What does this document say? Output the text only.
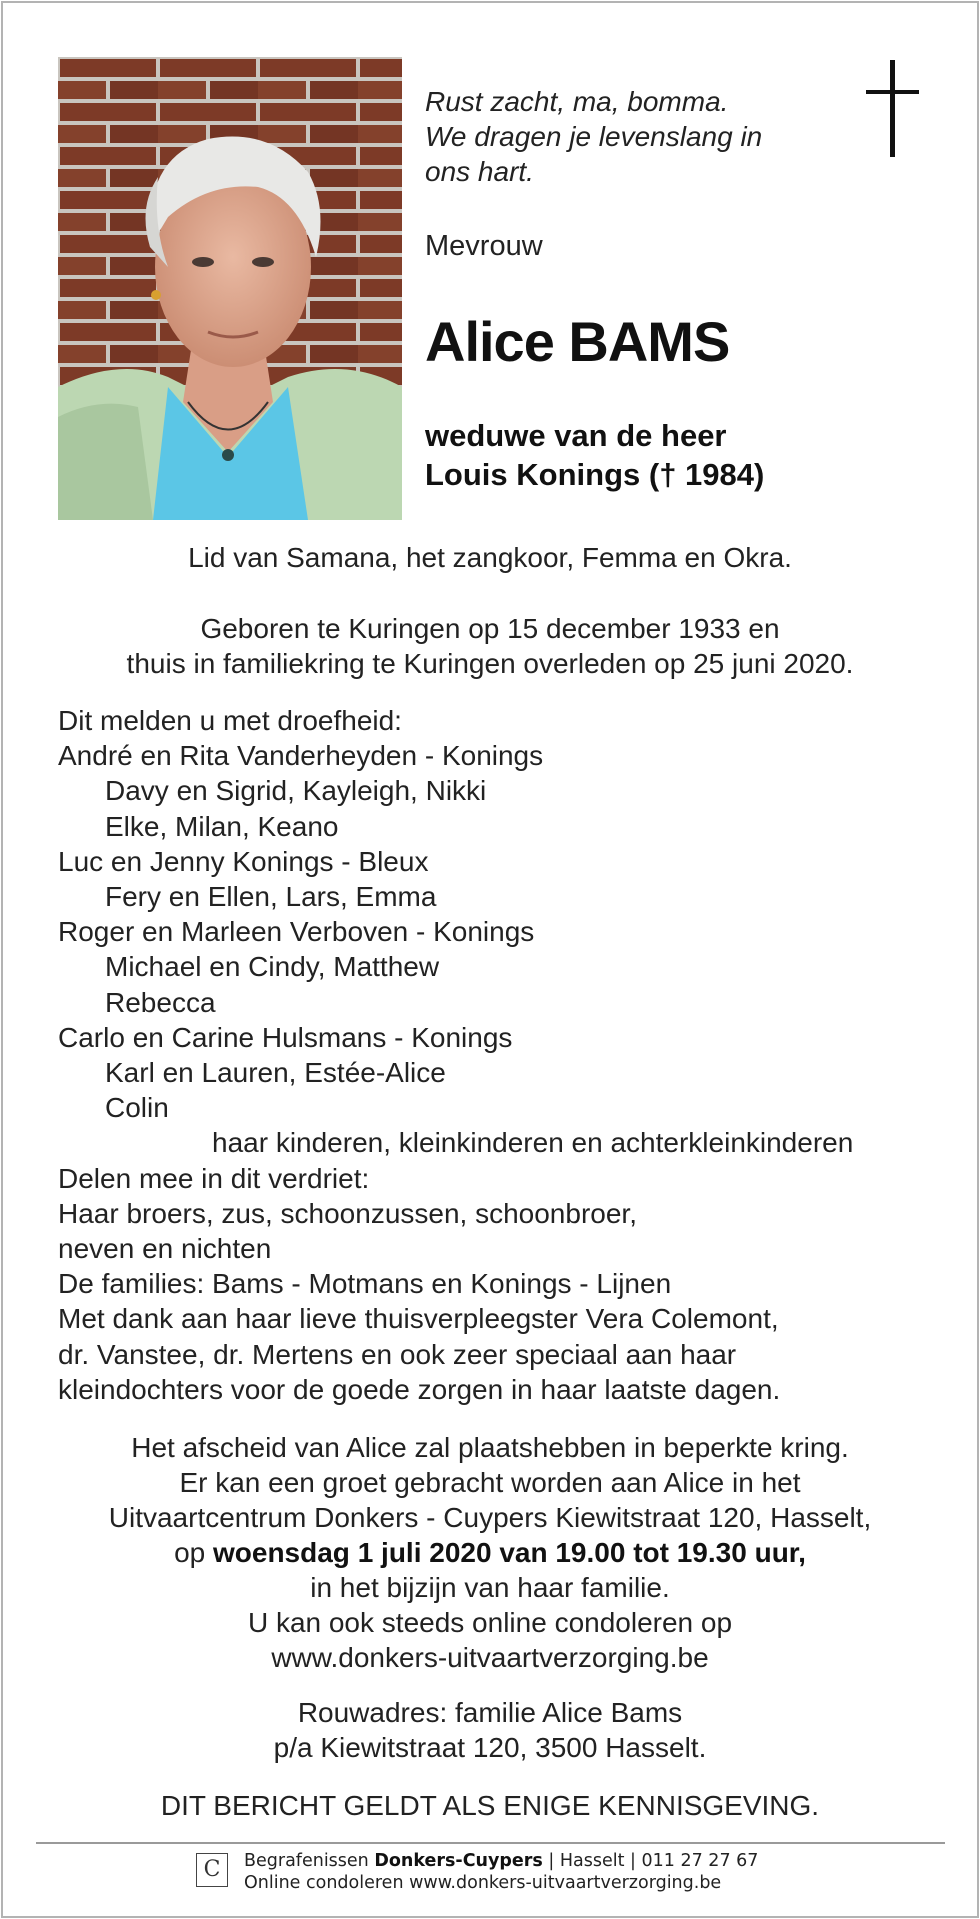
Rust zacht, ma, bomma.
We dragen je levenslang in
ons hart.
Mevrouw
Alice BAMS
weduwe van de heer
Louis Konings († 1984)
Lid van Samana, het zangkoor, Femma en Okra.
Geboren te Kuringen op 15 december 1933 en
thuis in familiekring te Kuringen overleden op 25 juni 2020.
Dit melden u met droefheid:
André en Rita Vanderheyden - Konings
Davy en Sigrid, Kayleigh, Nikki
Elke, Milan, Keano
Luc en Jenny Konings - Bleux
Fery en Ellen, Lars, Emma
Roger en Marleen Verboven - Konings
Michael en Cindy, Matthew
Rebecca
Carlo en Carine Hulsmans - Konings
Karl en Lauren, Estée-Alice
Colin
haar kinderen, kleinkinderen en achterkleinkinderen
Delen mee in dit verdriet:
Haar broers, zus, schoonzussen, schoonbroer,
neven en nichten
De families: Bams - Motmans en Konings - Lijnen
Met dank aan haar lieve thuisverpleegster Vera Colemont,
dr. Vanstee, dr. Mertens en ook zeer speciaal aan haar
kleindochters voor de goede zorgen in haar laatste dagen.
Het afscheid van Alice zal plaatshebben in beperkte kring.
Er kan een groet gebracht worden aan Alice in het
Uitvaartcentrum Donkers - Cuypers Kiewitstraat 120, Hasselt,
op woensdag 1 juli 2020 van 19.00 tot 19.30 uur,
in het bijzijn van haar familie.
U kan ook steeds online condoleren op
www.donkers-uitvaartverzorging.be
Rouwadres: familie Alice Bams
p/a Kiewitstraat 120, 3500 Hasselt.
DIT BERICHT GELDT ALS ENIGE KENNISGEVING.
C	Begrafenissen Donkers-Cuypers | Hasselt | 011 27 27 67
Online condoleren www.donkers-uitvaartverzorging.be
